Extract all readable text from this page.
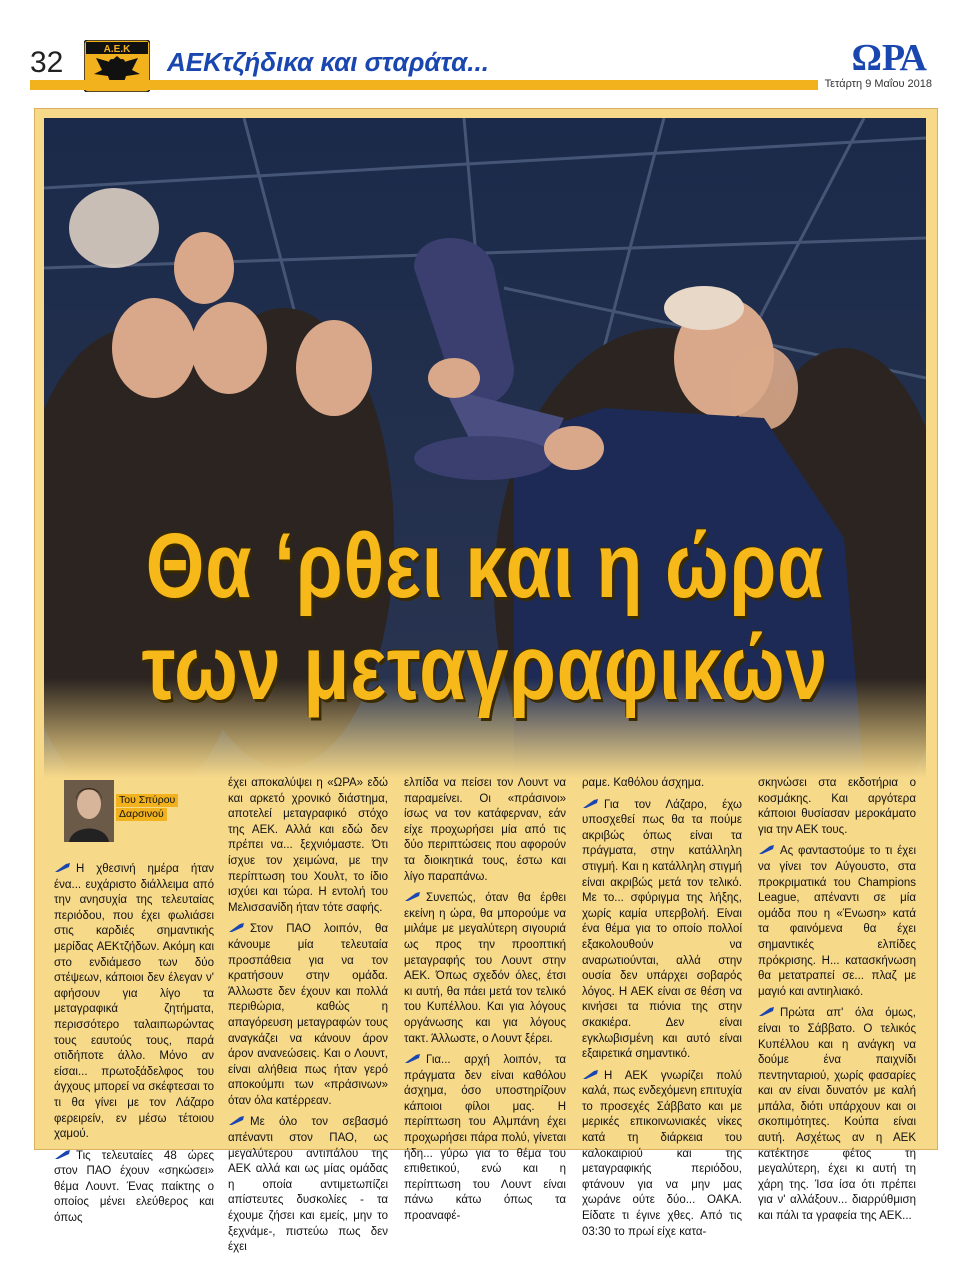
32	Α.Ε.Κ ΑΕΚτζήδικα και σταράτα...	ΩΡΑ
Τετάρτη 9 Μαΐου 2018
Θα ‘ρθει και η ώρα
των μεταγραφικών
Του Σπύρου
Δαρσινού

Η χθεσινή ημέρα ήταν ένα... ευχάριστο διάλλειμα από την ανησυχία της τελευταίας περιόδου, που έχει φωλιάσει στις καρδιές σημαντικής μερίδας ΑΕΚτζήδων. Ακόμη και στο ενδιάμεσο των δύο στέψεων, κάποιοι δεν έλεγαν ν' αφήσουν για λίγο τα μεταγραφικά ζητήματα, περισσότερο ταλαιπωρώντας τους εαυτούς τους, παρά οτιδήποτε άλλο. Μόνο αν είσαι... πρωτοξάδελφος του άγχους μπορεί να σκέφτεσαι το τι θα γίνει με τον Λάζαρο φερειρείν, εν μέσω τέτοιου χαμού.

Τις τελευταίες 48 ώρες στον ΠΑΟ έχουν «σηκώσει» θέμα Λουντ. Ένας παίκτης ο οποίος μένει ελεύθερος και όπως

έχει αποκαλύψει η «ΩΡΑ» εδώ και αρκετό χρονικό διάστημα, αποτελεί μεταγραφικό στόχο της ΑΕΚ. Αλλά και εδώ δεν πρέπει να... ξεχνιόμαστε. Ότι ίσχυε τον χειμώνα, με την περίπτωση του Χουλτ, το ίδιο ισχύει και τώρα. Η εντολή του Μελισσανίδη ήταν τότε σαφής.

Στον ΠΑΟ λοιπόν, θα κάνουμε μία τελευταία προσπάθεια για να τον κρατήσουν στην ομάδα. Άλλωστε δεν έχουν και πολλά περιθώρια, καθώς η απαγόρευση μεταγραφών τους αναγκάζει να κάνουν άρον άρον ανανεώσεις. Και ο Λουντ, είναι αλήθεια πως ήταν γερό αποκούμπι των «πράσινων» όταν όλα κατέρρεαν.

Με όλο τον σεβασμό απέναντι στον ΠΑΟ, ως μεγαλύτερου αντιπάλου της ΑΕΚ αλλά και ως μίας ομάδας η οποία αντιμετωπίζει απίστευτες δυσκολίες - τα έχουμε ζήσει και εμείς, μην το ξεχνάμε-, πιστεύω πως δεν έχει

ελπίδα να πείσει τον Λουντ να παραμείνει. Οι «πράσινοι» ίσως να τον κατάφερναν, εάν είχε προχωρήσει μία από τις δύο περιπτώσεις που αφορούν τα διοικητικά τους, έστω και λίγο παραπάνω.

Συνεπώς, όταν θα έρθει εκείνη η ώρα, θα μπορούμε να μιλάμε με μεγαλύτερη σιγουριά ως προς την προοπτική μεταγραφής του Λουντ στην ΑΕΚ. Όπως σχεδόν όλες, έτσι κι αυτή, θα πάει μετά τον τελικό του Κυπέλλου. Και για λόγους οργάνωσης και για λόγους τακτ. Άλλωστε, ο Λουντ ξέρει.

Για... αρχή λοιπόν, τα πράγματα δεν είναι καθόλου άσχημα, όσο υποστηρίζουν κάποιοι φίλοι μας. Η περίπτωση του Αλμπάνη έχει προχωρήσει πάρα πολύ, γίνεται ήδη... γύρω για το θέμα του επιθετικού, ενώ και η περίπτωση του Λουντ είναι πάνω κάτω όπως τα προαναφέ-

ραμε. Καθόλου άσχημα.

Για τον Λάζαρο, έχω υποσχεθεί πως θα τα πούμε ακριβώς όπως είναι τα πράγματα, στην κατάλληλη στιγμή. Και η κατάλληλη στιγμή είναι ακριβώς μετά τον τελικό. Με το... σφύριγμα της λήξης, χωρίς καμία υπερβολή. Είναι ένα θέμα για το οποίο πολλοί εξακολουθούν να αναρωτιούνται, αλλά στην ουσία δεν υπάρχει σοβαρός λόγος. Η ΑΕΚ είναι σε θέση να κινήσει τα πιόνια της στην σκακιέρα. Δεν είναι εγκλωβισμένη και αυτό είναι εξαιρετικά σημαντικό.

Η ΑΕΚ γνωρίζει πολύ καλά, πως ενδεχόμενη επιτυχία το προσεχές Σάββατο και με μερικές επικοινωνιακές νίκες κατά τη διάρκεια του καλοκαιριού και της μεταγραφικής περιόδου, φτάνουν για να μην μας χωράνε ούτε δύο... ΟΑΚΑ. Είδατε τι έγινε χθες. Από τις 03:30 το πρωί είχε κατα-

σκηνώσει στα εκδοτήρια ο κοσμάκης. Και αργότερα κάποιοι θυσίασαν μεροκάματο για την ΑΕΚ τους.

Ας φανταστούμε το τι έχει να γίνει τον Αύγουστο, στα προκριματικά του Champions League, απέναντι σε μία ομάδα που η «Ένωση» κατά τα φαινόμενα θα έχει σημαντικές ελπίδες πρόκρισης. Η... κατασκήνωση θα μετατραπεί σε... πλαζ με μαγιό και αντιηλιακό.

Πρώτα απ' όλα όμως, είναι το Σάββατο. Ο τελικός Κυπέλλου και η ανάγκη να δούμε ένα παιχνίδι πεντηνταριού, χωρίς φασαρίες και αν είναι δυνατόν με καλή μπάλα, διότι υπάρχουν και οι σκοπιμότητες. Κούπα είναι αυτή. Ασχέτως αν η ΑΕΚ κατέκτησε φέτος τη μεγαλύτερη, έχει κι αυτή τη χάρη της. Ίσα ίσα ότι πρέπει για ν' αλλάξουν... διαρρύθμιση και πάλι τα γραφεία της ΑΕΚ...
